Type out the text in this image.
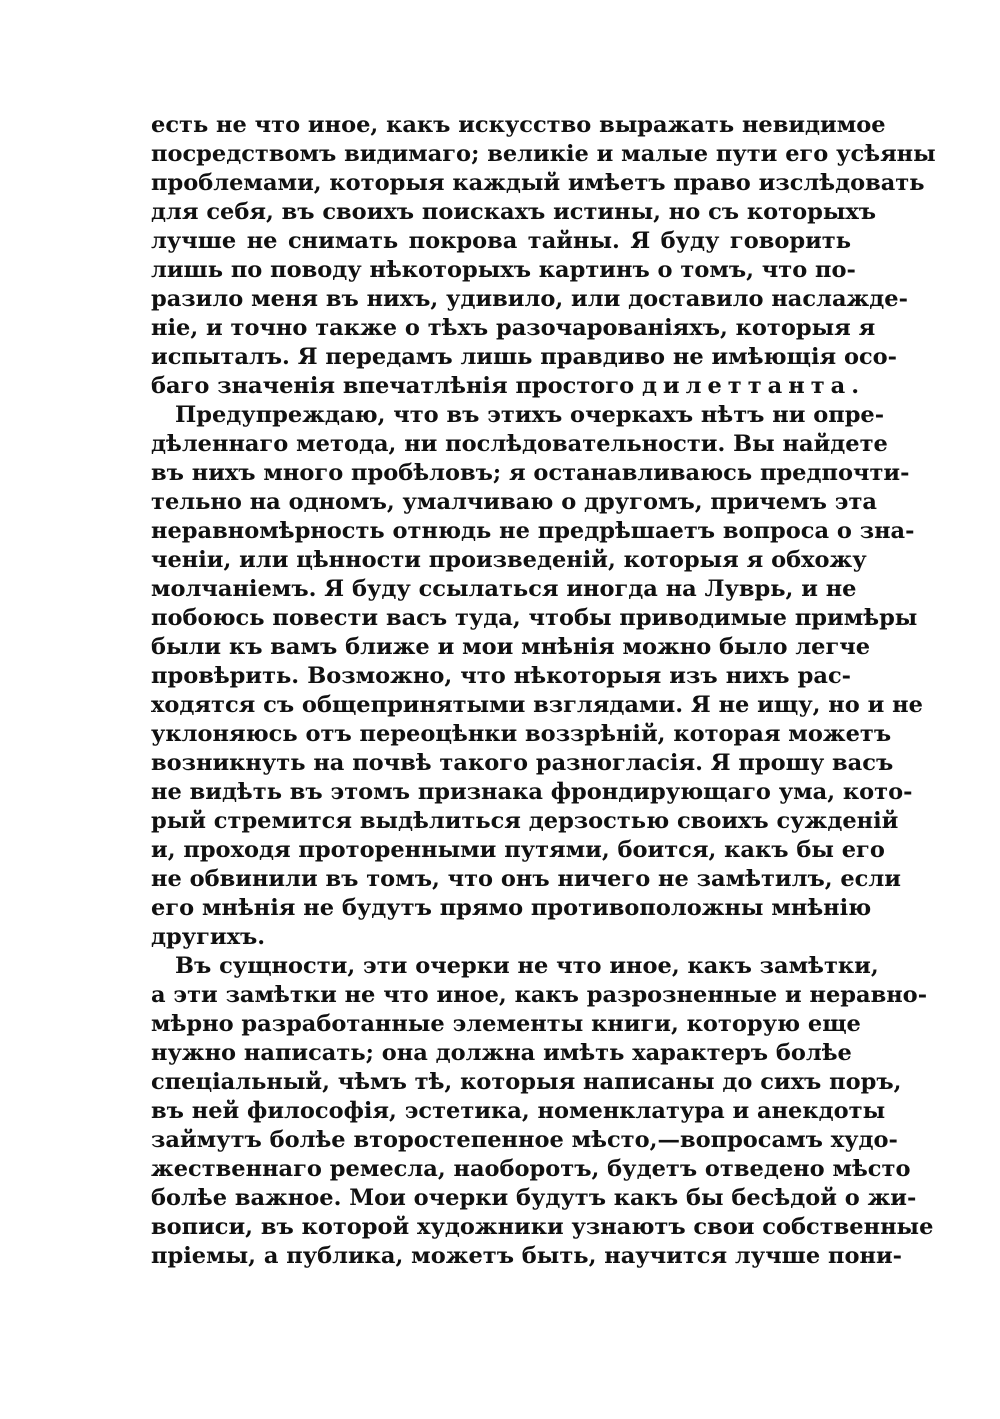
есть не что иное, какъ искусство выражать невидимое
посредствомъ видимаго; великіе и малые пути его усѣяны
проблемами, которыя каждый имѣетъ право изслѣдовать
для себя, въ своихъ поискахъ истины, но съ которыхъ
лучше не снимать покрова тайны. Я буду говорить
лишь по поводу нѣкоторыхъ картинъ о томъ, что по-
разило меня въ нихъ, удивило, или доставило наслажде-
ніе, и точно также о тѣхъ разочарованіяхъ, которыя я
испыталъ. Я передамъ лишь правдиво не имѣющія осо-
баго значенія впечатлѣнія простого дилеттанта.
Предупреждаю, что въ этихъ очеркахъ нѣтъ ни опре-
дѣленнаго метода, ни послѣдовательности. Вы найдете
въ нихъ много пробѣловъ; я останавливаюсь предпочти-
тельно на одномъ, умалчиваю о другомъ, причемъ эта
неравномѣрность отнюдь не предрѣшаетъ вопроса о зна-
ченіи, или цѣнности произведеній, которыя я обхожу
молчаніемъ. Я буду ссылаться иногда на Луврь, и не
побоюсь повести васъ туда, чтобы приводимые примѣры
были къ вамъ ближе и мои мнѣнія можно было легче
провѣрить. Возможно, что нѣкоторыя изъ нихъ рас-
ходятся съ общепринятыми взглядами. Я не ищу, но и не
уклоняюсь отъ переоцѣнки воззрѣній, которая можетъ
возникнуть на почвѣ такого разногласія. Я прошу васъ
не видѣть въ этомъ признака фрондирующаго ума, кото-
рый стремится выдѣлиться дерзостью своихъ сужденій
и, проходя проторенными путями, боится, какъ бы его
не обвинили въ томъ, что онъ ничего не замѣтилъ, если
его мнѣнія не будутъ прямо противоположны мнѣнію
другихъ.
Въ сущности, эти очерки не что иное, какъ замѣтки,
а эти замѣтки не что иное, какъ разрозненные и неравно-
мѣрно разработанные элементы книги, которую еще
нужно написать; она должна имѣть характеръ болѣе
спеціальный, чѣмъ тѣ, которыя написаны до сихъ поръ,
въ ней философія, эстетика, номенклатура и анекдоты
займутъ болѣе второстепенное мѣсто,—вопросамъ худо-
жественнаго ремесла, наоборотъ, будетъ отведено мѣсто
болѣе важное. Мои очерки будутъ какъ бы бесѣдой о жи-
вописи, въ которой художники узнаютъ свои собственные
пріемы, а публика, можетъ быть, научится лучше пони-
